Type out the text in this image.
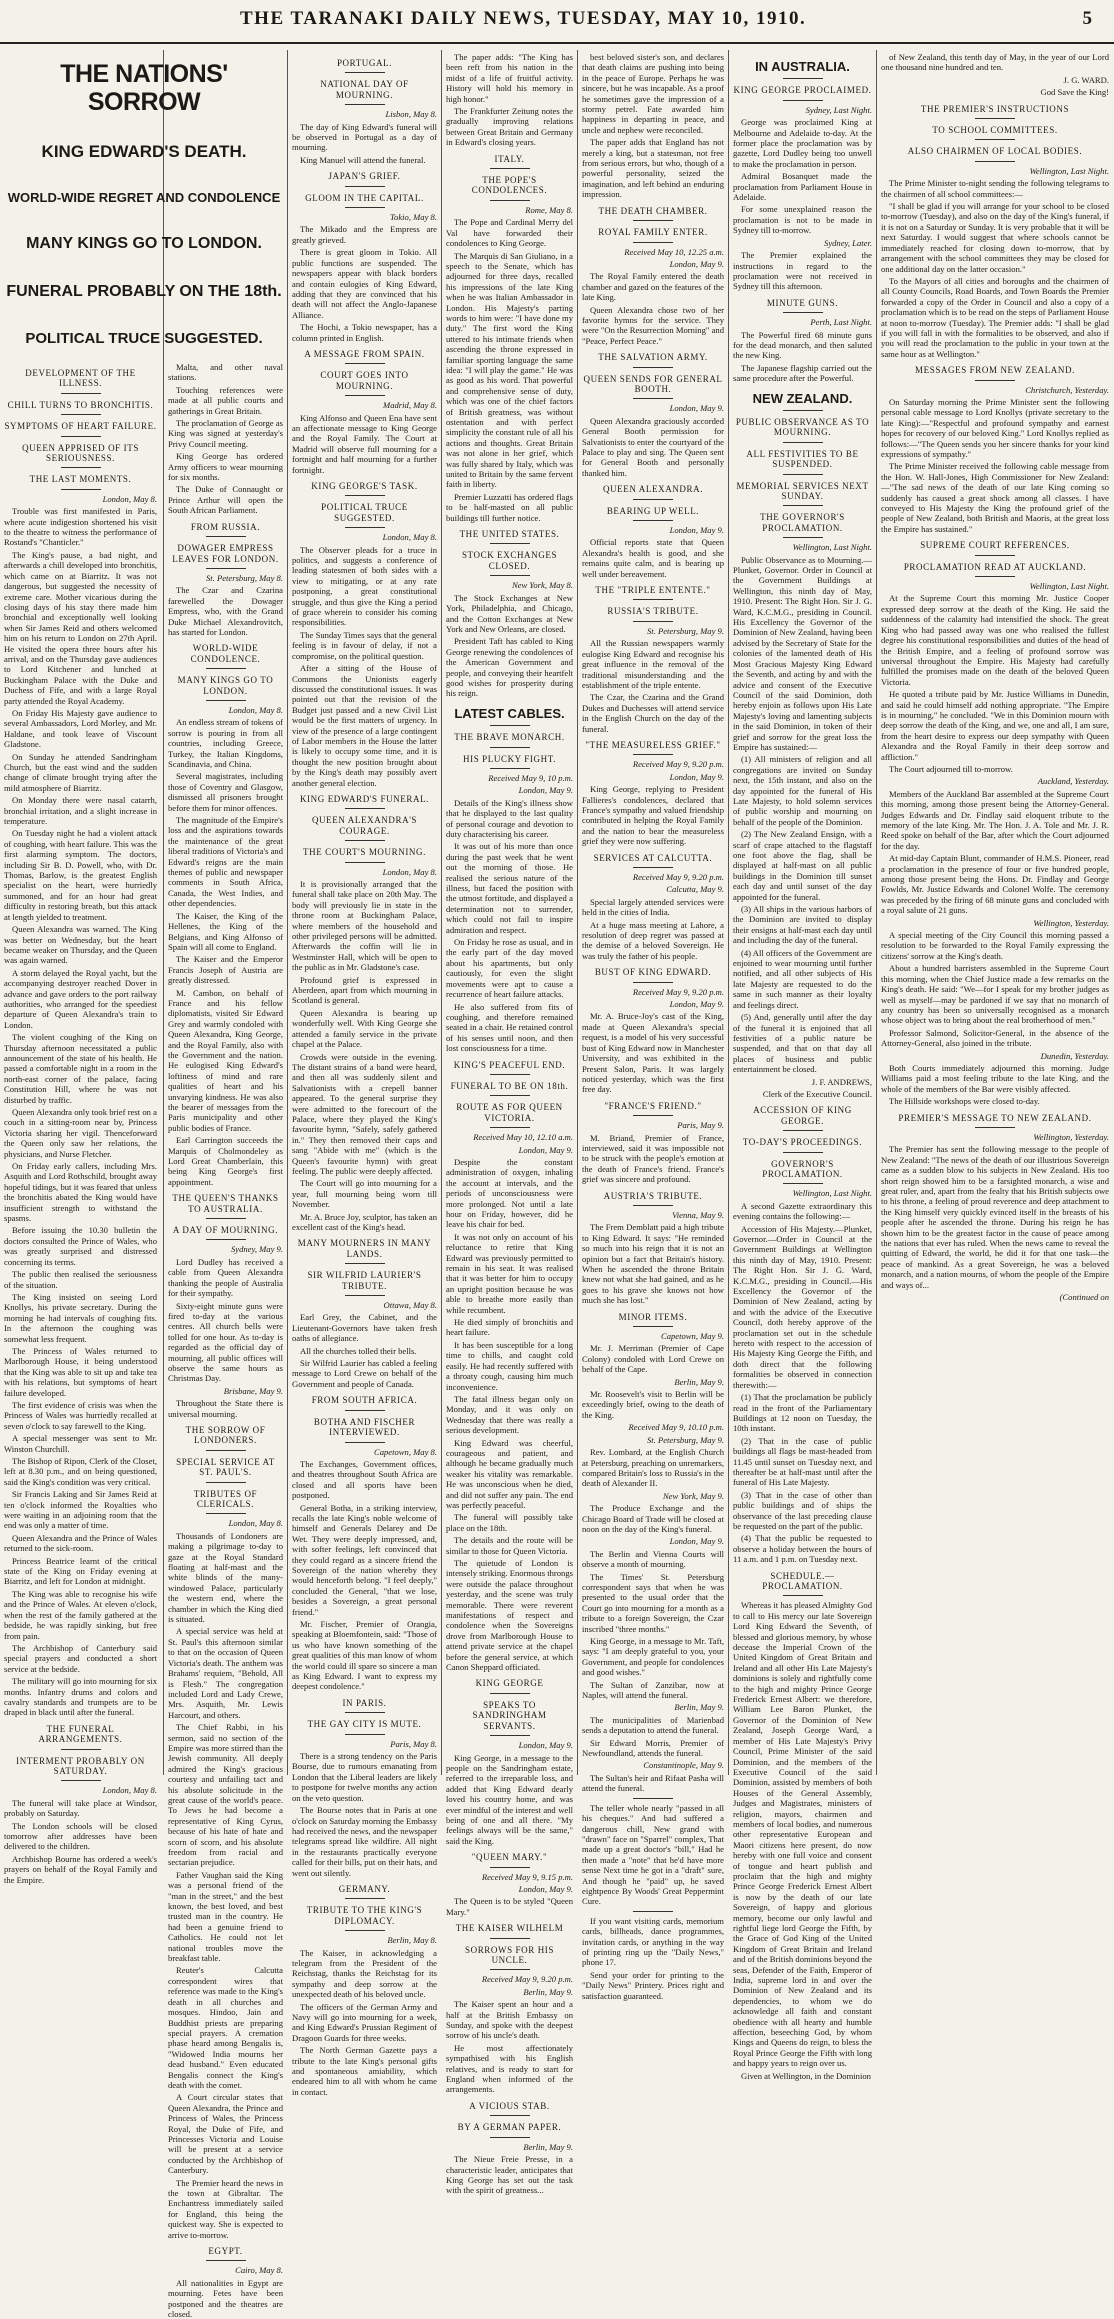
THE TARANAKI DAILY NEWS, TUESDAY, MAY 10, 1910.	5
THE NATIONS' SORROW
KING EDWARD'S DEATH.
WORLD-WIDE REGRET AND CONDOLENCE
MANY KINGS GO TO LONDON.
FUNERAL PROBABLY ON THE 18th.
POLITICAL TRUCE SUGGESTED.
DEVELOPMENT OF THE ILLNESS.
CHILL TURNS TO BRONCHITIS.
SYMPTOMS OF HEART FAILURE.
QUEEN APPRISED OF ITS SERIOUSNESS.
THE LAST MOMENTS.

London, May 8.

Trouble was first manifested in Paris, where acute indigestion shortened his visit to the theatre to witness the performance of Rostand's "Chanticler."

The King's pause, a bad night, and afterwards a chill developed into bronchitis, which came on at Biarritz. It was not dangerous, but suggested the necessity of extreme care. Mother vicarious during the closing days of his stay there made him bronchial and exceptionally well looking when Sir James Reid and others welcomed him on his return to London on 27th April. He visited the opera three hours after his arrival, and on the Thursday gave audiences to Lord Kitchener and lunched at Buckingham Palace with the Duke and Duchess of Fife, and with a large Royal party attended the Royal Academy.

On Friday His Majesty gave audience to several Ambassadors, Lord Morley, and Mr. Haldane, and took leave of Viscount Gladstone.

On Sunday he attended Sandringham Church, but the east wind and the sudden change of climate brought trying after the mild atmosphere of Biarritz.

On Monday there were nasal catarrh, bronchial irritation, and a slight increase in temperature.

On Tuesday night he had a violent attack of coughing, with heart failure. This was the first alarming symptom. The doctors, including Sir B. D. Powell, who, with Dr. Thomas, Barlow, is the greatest English specialist on the heart, were hurriedly summoned, and for an hour had great difficulty in restoring breath, but this attack at length yielded to treatment.

Queen Alexandra was warned. The King was better on Wednesday, but the heart became weaker on Thursday, and the Queen was again warned.

A storm delayed the Royal yacht, but the accompanying destroyer reached Dover in advance and gave orders to the port railway authorities, who arranged for the speediest departure of Queen Alexandra's train to London.

The violent coughing of the King on Thursday afternoon necessitated a public announcement of the state of his health. He passed a comfortable night in a room in the north-east corner of the palace, facing Constitution Hill, where he was not disturbed by traffic.

Queen Alexandra only took brief rest on a couch in a sitting-room near by, Princess Victoria sharing her vigil. Thenceforward the Queen only saw her relations, the physicians, and Nurse Fletcher.

On Friday early callers, including Mrs. Asquith and Lord Rothschild, brought away hopeful tidings, but it was feared that unless the bronchitis abated the King would have insufficient strength to withstand the spasms.

Before issuing the 10.30 bulletin the doctors consulted the Prince of Wales, who was greatly surprised and distressed concerning its terms.

The public then realised the seriousness of the situation.

The King insisted on seeing Lord Knollys, his private secretary. During the morning he had intervals of coughing fits. In the afternoon the coughing was somewhat less frequent.

The Princess of Wales returned to Marlborough House, it being understood that the King was able to sit up and take tea with his relations, but symptoms of heart failure developed.

The first evidence of crisis was when the Princess of Wales was hurriedly recalled at seven o'clock to say farewell to the King.

A special messenger was sent to Mr. Winston Churchill.

The Bishop of Ripon, Clerk of the Closet, left at 8.30 p.m., and on being questioned, said the King's condition was very critical.

Sir Francis Laking and Sir James Reid at ten o'clock informed the Royalties who were waiting in an adjoining room that the end was only a matter of time.

Queen Alexandra and the Prince of Wales returned to the sick-room.

Princess Beatrice learnt of the critical state of the King on Friday evening at Biarritz, and left for London at midnight.

The King was able to recognise his wife and the Prince of Wales. At eleven o'clock, when the rest of the family gathered at the bedside, he was rapidly sinking, but free from pain.

The Archbishop of Canterbury said special prayers and conducted a short service at the bedside.

The military will go into mourning for six months. Infantry drums and colors and cavalry standards and trumpets are to be draped in black until after the funeral.

THE FUNERAL ARRANGEMENTS.
INTERMENT PROBABLY ON SATURDAY.

London, May 8.

The funeral will take place at Windsor, probably on Saturday.

The London schools will be closed tomorrow after addresses have been delivered to the children.

Archbishop Bourne has ordered a week's prayers on behalf of the Royal Family and the Empire.

Malta, and other naval stations.

Touching references were made at all public courts and gatherings in Great Britain.

The proclamation of George as King was signed at yesterday's Privy Council meeting.

King George has ordered Army officers to wear mourning for six months.

The Duke of Connaught or Prince Arthur will open the South African Parliament.

FROM RUSSIA.
DOWAGER EMPRESS LEAVES FOR LONDON.

St. Petersburg, May 8.

The Czar and Czarina farewelled the Dowager Empress, who, with the Grand Duke Michael Alexandrovitch, has started for London.

WORLD-WIDE CONDOLENCE.
MANY KINGS GO TO LONDON.

London, May 8.

An endless stream of tokens of sorrow is pouring in from all countries, including Greece, Turkey, the Italian Kingdoms, Scandinavia, and China.

Several magistrates, including those of Coventry and Glasgow, dismissed all prisoners brought before them for minor offences.

The magnitude of the Empire's loss and the aspirations towards the maintenance of the great liberal traditions of Victoria's and Edward's reigns are the main themes of public and newspaper comments in South Africa, Canada, the West Indies, and other dependencies.

The Kaiser, the King of the Hellenes, the King of the Belgians, and King Alfonso of Spain will all come to England.

The Kaiser and the Emperor Francis Joseph of Austria are greatly distressed.

M. Cambon, on behalf of France and his fellow diplomatists, visited Sir Edward Grey and warmly condoled with Queen Alexandra, King George, and the Royal Family, also with the Government and the nation. He eulogised King Edward's loftiness of mind and rare qualities of heart and his unvarying kindness. He was also the bearer of messages from the Paris municipality and other public bodies of France.

Earl Carrington succeeds the Marquis of Cholmondeley as Lord Great Chamberlain, this being King George's first appointment.

THE QUEEN'S THANKS TO AUSTRALIA.
A DAY OF MOURNING.

Sydney, May 9.

Lord Dudley has received a cable from Queen Alexandra thanking the people of Australia for their sympathy.

Sixty-eight minute guns were fired to-day at the various centres. All church bells were tolled for one hour. As to-day is regarded as the official day of mourning, all public offices will observe the same hours as Christmas Day.

Brisbane, May 9.

Throughout the State there is universal mourning.

THE SORROW OF LONDONERS.
SPECIAL SERVICE AT ST. PAUL'S.
TRIBUTES OF CLERICALS.

London, May 8.

Thousands of Londoners are making a pilgrimage to-day to gaze at the Royal Standard floating at half-mast and the white blinds of the many-windowed Palace, particularly the western end, where the chamber in which the King died is situated.

A special service was held at St. Paul's this afternoon similar to that on the occasion of Queen Victoria's death. The anthem was Brahams' requiem, "Behold, All is Flesh." The congregation included Lord and Lady Crewe, Mrs. Asquith, Mr. Lewis Harcourt, and others.

The Chief Rabbi, in his sermon, said no section of the Empire was more stirred than the Jewish community. All deeply admired the King's gracious courtesy and unfailing tact and his absolute solicitude in the great cause of the world's peace. To Jews he had become a representative of King Cyrus, because of his hate of hate and scorn of scorn, and his absolute freedom from racial and sectarian prejudice.

Father Vaughan said the King was a personal friend of the "man in the street," and the best known, the best loved, and best trusted man in the country. He had been a genuine friend to Catholics. He could not let national troubles move the breakfast table.

Reuter's Calcutta correspondent wires that reference was made to the King's death in all churches and mosques. Hindoo, Jain and Buddhist priests are preparing special prayers. A cremation phase heard among Bengalis is, "Widowed India mourns her dead husband." Even educated Bengalis connect the King's death with the comet.

A Court circular states that Queen Alexandra, the Prince and Princess of Wales, the Princess Royal, the Duke of Fife, and Princesses Victoria and Louise will be present at a service conducted by the Archbishop of Canterbury.

The Premier heard the news in the town at Gibraltar. The Enchantress immediately sailed for England, this being the quickest way. She is expected to arrive to-morrow.

EGYPT.

Cairo, May 8.

All nationalities in Egypt are mourning. Fetes have been postponed and the theatres are closed.

PORTUGAL.
NATIONAL DAY OF MOURNING.

Lisbon, May 8.

The day of King Edward's funeral will be observed in Portugal as a day of mourning.

King Manuel will attend the funeral.

JAPAN'S GRIEF.
GLOOM IN THE CAPITAL.

Tokio, May 8.

The Mikado and the Empress are greatly grieved.

There is great gloom in Tokio. All public functions are suspended. The newspapers appear with black borders and contain eulogies of King Edward, adding that they are convinced that his death will not affect the Anglo-Japanese Alliance.

The Hochi, a Tokio newspaper, has a column printed in English.

A MESSAGE FROM SPAIN.
COURT GOES INTO MOURNING.

Madrid, May 8.

King Alfonso and Queen Ena have sent an affectionate message to King George and the Royal Family. The Court at Madrid will observe full mourning for a fortnight and half mourning for a further fortnight.

KING GEORGE'S TASK.
POLITICAL TRUCE SUGGESTED.

London, May 8.

The Observer pleads for a truce in politics, and suggests a conference of leading statesmen of both sides with a view to mitigating, or at any rate postponing, a great constitutional struggle, and thus give the King a period of grace wherein to consider his coming responsibilities.

The Sunday Times says that the general feeling is in favour of delay, if not a compromise, on the political question.

After a sitting of the House of Commons the Unionists eagerly discussed the constitutional issues. It was pointed out that the revision of the Budget just passed and a new Civil List would be the first matters of urgency. In view of the presence of a large contingent of Labor members in the House the latter is likely to occupy some time, and it is thought the new position brought about by the King's death may possibly avert another general election.

KING EDWARD'S FUNERAL.
QUEEN ALEXANDRA'S COURAGE.
THE COURT'S MOURNING.

London, May 8.

It is provisionally arranged that the funeral shall take place on 20th May. The body will previously lie in state in the throne room at Buckingham Palace, where members of the household and other privileged persons will be admitted. Afterwards the coffin will lie in Westminster Hall, which will be open to the public as in Mr. Gladstone's case.

Profound grief is expressed in Aberdeen, apart from which mourning in Scotland is general.

Queen Alexandra is bearing up wonderfully well. With King George she attended a family service in the private chapel at the Palace.

Crowds were outside in the evening. The distant strains of a band were heard, and then all was suddenly silent and Salvationists with a crepell banner appeared. To the general surprise they were admitted to the forecourt of the Palace, where they played the King's favourite hymn, "Safely, safely gathered in." They then removed their caps and sang "Abide with me" (which is the Queen's favourite hymn) with great feeling. The public were deeply affected.

The Court will go into mourning for a year, full mourning being worn till November.

Mr. A. Bruce Joy, sculptor, has taken an excellent cast of the King's head.

MANY MOURNERS IN MANY LANDS.
SIR WILFRID LAURIER'S TRIBUTE.

Ottawa, May 8.

Earl Grey, the Cabinet, and the Lieutenant-Governors have taken fresh oaths of allegiance.

All the churches tolled their bells.

Sir Wilfrid Laurier has cabled a feeling message to Lord Crewe on behalf of the Government and people of Canada.

FROM SOUTH AFRICA.
BOTHA AND FISCHER INTERVIEWED.

Capetown, May 8.

The Exchanges, Government offices, and theatres throughout South Africa are closed and all sports have been postponed.

General Botha, in a striking interview, recalls the late King's noble welcome of himself and Generals Delarey and De Wet. They were deeply impressed, and, with softer feelings, left convinced that they could regard as a sincere friend the Sovereign of the nation whereby they would henceforth belong. "I feel deeply," concluded the General, "that we lose, besides a Sovereign, a great personal friend."

Mr. Fischer, Premier of Orangia, speaking at Bloemfontein, said: "Those of us who have known something of the great qualities of this man know of whom the world could ill spare so sincere a man as King Edward. I want to express my deepest condolence."

IN PARIS.
THE GAY CITY IS MUTE.

Paris, May 8.

There is a strong tendency on the Paris Bourse, due to rumours emanating from London that the Liberal leaders are likely to postpone for twelve months any action on the veto question.

The Bourse notes that in Paris at one o'clock on Saturday morning the Embassy had received the news, and the newspaper telegrams spread like wildfire. All night in the restaurants practically everyone called for their bills, put on their hats, and went out silently.

GERMANY.
TRIBUTE TO THE KING'S DIPLOMACY.

Berlin, May 8.

The Kaiser, in acknowledging a telegram from the President of the Reichstag, thanks the Reichstag for its sympathy and deep sorrow at the unexpected death of his beloved uncle.

The officers of the German Army and Navy will go into mourning for a week, and King Edward's Prussian Regiment of Dragoon Guards for three weeks.

The North German Gazette pays a tribute to the late King's personal gifts and spontaneous amiability, which endeared him to all with whom he came in contact.

The paper adds: "The King has been reft from his nation in the midst of a life of fruitful activity. History will hold his memory in high honor."

The Frankfurter Zeitung notes the gradually improving relations between Great Britain and Germany in Edward's closing years.

ITALY.
THE POPE'S CONDOLENCES.

Rome, May 8.

The Pope and Cardinal Merry del Val have forwarded their condolences to King George.

The Marquis di San Giuliano, in a speech to the Senate, which has adjourned for three days, recalled his impressions of the late King when he was Italian Ambassador in London. His Majesty's parting words to him were: "I have done my duty." The first word the King uttered to his intimate friends when ascending the throne expressed in familiar sporting language the same idea: "I will play the game." He was as good as his word. That powerful and comprehensive sense of duty, which was one of the chief factors of British greatness, was without ostentation and with perfect simplicity the constant rule of all his actions and thoughts. Great Britain was not alone in her grief, which was fully shared by Italy, which was united to Britain by the same fervent faith in liberty.

Premier Luzzatti has ordered flags to be half-masted on all public buildings till further notice.

THE UNITED STATES.
STOCK EXCHANGES CLOSED.

New York, May 8.

The Stock Exchanges at New York, Philadelphia, and Chicago, and the Cotton Exchanges at New York and New Orleans, are closed.

President Taft has cabled to King George renewing the condolences of the American Government and people, and conveying their heartfelt good wishes for prosperity during his reign.

LATEST CABLES.
THE BRAVE MONARCH.
HIS PLUCKY FIGHT.

Received May 9, 10 p.m.

London, May 9.

Details of the King's illness show that he displayed to the last quality of personal courage and devotion to duty characterising his career.

It was out of his more than once during the past week that he went out the morning of those. He realised the serious nature of the illness, but faced the position with the utmost fortitude, and displayed a determination not to surrender, which could not fail to inspire admiration and respect.

On Friday he rose as usual, and in the early part of the day moved about his apartments, but only cautiously, for even the slight movements were apt to cause a recurrence of heart failure attacks.

He also suffered from fits of coughing, and therefore remained seated in a chair. He retained control of his senses until noon, and then lost consciousness for a time.

KING'S PEACEFUL END.
FUNERAL TO BE ON 18th.
ROUTE AS FOR QUEEN VICTORIA.

Received May 10, 12.10 a.m.

London, May 9.

Despite the constant administration of oxygen, inhaling the account at intervals, and the periods of unconsciousness were more prolonged. Not until a late hour on Friday, however, did he leave his chair for bed.

It was not only on account of his reluctance to retire that King Edward was previously permitted to remain in his seat. It was realised that it was better for him to occupy an upright position because he was able to breathe more easily than while recumbent.

He died simply of bronchitis and heart failure.

It has been susceptible for a long time to chills, and caught cold easily. He had recently suffered with a throaty cough, causing him much inconvenience.

The fatal illness began only on Monday, and it was only on Wednesday that there was really a serious development.

King Edward was cheerful, courageous and patient, and although he became gradually much weaker his vitality was remarkable. He was unconscious when he died, and did not suffer any pain. The end was perfectly peaceful.

The funeral will possibly take place on the 18th.

The details and the route will be similar to those for Queen Victoria.

The quietude of London is intensely striking. Enormous throngs were outside the palace throughout yesterday, and the scene was truly memorable. There were reverent manifestations of respect and condolence when the Sovereigns drove from Marlborough House to attend private service at the chapel before the general service, at which Canon Sheppard officiated.

KING GEORGE
SPEAKS TO SANDRINGHAM SERVANTS.

London, May 9.

King George, in a message to the people on the Sandringham estate, referred to the irreparable loss, and added that King Edward dearly loved his country home, and was ever mindful of the interest and well being of one and all there. "My feelings always will be the same," said the King.

"QUEEN MARY."

Received May 9, 9.15 p.m.

London, May 9.

The Queen is to be styled "Queen Mary."

THE KAISER WILHELM
SORROWS FOR HIS UNCLE.

Received May 9, 9.20 p.m.

Berlin, May 9.

The Kaiser spent an hour and a half at the British Embassy on Sunday, and spoke with the deepest sorrow of his uncle's death.

He most affectionately sympathised with his English relatives, and is ready to start for England when informed of the arrangements.

A VICIOUS STAB.
BY A GERMAN PAPER.

Berlin, May 9.

The Nieue Freie Presse, in a characteristic leader, anticipates that King George has set out the task with the spirit of greatness...

best beloved sister's son, and declares that death claims are pushing into being in the peace of Europe. Perhaps he was sincere, but he was incapable. As a proof he sometimes gave the impression of a stormy petrel. Fate awarded him happiness in departing in peace, and uncle and nephew were reconciled.

The paper adds that England has not merely a king, but a statesman, not free from serious errors, but who, though of a powerful personality, seized the imagination, and left behind an enduring impression.

THE DEATH CHAMBER.
ROYAL FAMILY ENTER.

Received May 10, 12.25 a.m.

London, May 9.

The Royal Family entered the death chamber and gazed on the features of the late King.

Queen Alexandra chose two of her favorite hymns for the service. They were "On the Resurrection Morning" and "Peace, Perfect Peace."

THE SALVATION ARMY.
QUEEN SENDS FOR GENERAL BOOTH.

London, May 9.

Queen Alexandra graciously accorded General Booth permission for Salvationists to enter the courtyard of the Palace to play and sing. The Queen sent for General Booth and personally thanked him.

QUEEN ALEXANDRA.
BEARING UP WELL.

London, May 9.

Official reports state that Queen Alexandra's health is good, and she remains quite calm, and is bearing up well under bereavement.

THE "TRIPLE ENTENTE."
RUSSIA'S TRIBUTE.

St. Petersburg, May 9.

All the Russian newspapers warmly eulogise King Edward and recognise his great influence in the removal of the traditional misunderstanding and the establishment of the triple entente.

The Czar, the Czarina and the Grand Dukes and Duchesses will attend service in the English Church on the day of the funeral.

"THE MEASURELESS GRIEF."

Received May 9, 9.20 p.m.

London, May 9.

King George, replying to President Fallieres's condolences, declared that France's sympathy and valued friendship contributed in helping the Royal Family and the nation to bear the measureless grief they were now suffering.

SERVICES AT CALCUTTA.

Received May 9, 9.20 p.m.

Calcutta, May 9.

Special largely attended services were held in the cities of India.

At a huge mass meeting at Lahore, a resolution of deep regret was passed at the demise of a beloved Sovereign. He was truly the father of his people.

BUST OF KING EDWARD.

Received May 9, 9.20 p.m.

London, May 9.

Mr. A. Bruce-Joy's cast of the King, made at Queen Alexandra's special request, is a model of his very successful bust of King Edward now in Manchester University, and was exhibited in the Present Salon, Paris. It was largely noticed yesterday, which was the first free day.

"FRANCE'S FRIEND."

Paris, May 9.

M. Briand, Premier of France, interviewed, said it was impossible not to be struck with the people's emotion at the death of France's friend. France's grief was sincere and profound.

AUSTRIA'S TRIBUTE.

Vienna, May 9.

The Frem Demblatt paid a high tribute to King Edward. It says: "He reminded so much into his reign that it is not an opinion but a fact that Britain's history. When he ascended the throne Britain knew not what she had gained, and as he goes to his grave she knows not how much she has lost."

MINOR ITEMS.

Capetown, May 9.

Mr. J. Merriman (Premier of Cape Colony) condoled with Lord Crewe on behalf of the Cape.

Berlin, May 9.

Mr. Roosevelt's visit to Berlin will be exceedingly brief, owing to the death of the King.

Received May 9, 10.10 p.m.

St. Petersburg, May 9.

Rev. Lombard, at the English Church at Petersburg, preaching on unremarkers, compared Britain's loss to Russia's in the death of Alexander II.

New York, May 9.

The Produce Exchange and the Chicago Board of Trade will be closed at noon on the day of the King's funeral.

London, May 9.

The Berlin and Vienna Courts will observe a month of mourning.

The Times' St. Petersburg correspondent says that when he was presented to the usual order that the Court go into mourning for a month as a tribute to a foreign Sovereign, the Czar inscribed "three months."

King George, in a message to Mr. Taft, says: "I am deeply grateful to you, your Government, and people for condolences and good wishes."

The Sultan of Zanzibar, now at Naples, will attend the funeral.

Berlin, May 9.

The municipalities of Marienbad sends a deputation to attend the funeral.

Sir Edward Morris, Premier of Newfoundland, attends the funeral.

Constantinople, May 9.

The Sultan's heir and Rifaat Pasha will attend the funeral.

The teller whole nearly "passed in all his cheques." And had suffered a dangerous chill, New grand with "drawn" face on "Sparrel" complex, That made up a great doctor's "bill," Had he then made a "note" that he'd have more sense Next time he got in a "draft" sure, And though he "paid" up, he saved eightpence By Woods' Great Peppermint Cure.

If you want visiting cards, memorium cards, billheads, dance programmes, invitation cards, or anything in the way of printing ring up the "Daily News," phone 17.

Send your order for printing to the "Daily News" Printery. Prices right and satisfaction guaranteed.

IN AUSTRALIA.
KING GEORGE PROCLAIMED.

Sydney, Last Night.

George was proclaimed King at Melbourne and Adelaide to-day. At the former place the proclamation was by gazette, Lord Dudley being too unwell to make the proclamation in person.

Admiral Bosanquet made the proclamation from Parliament House in Adelaide.

For some unexplained reason the proclamation is not to be made in Sydney till to-morrow.

Sydney, Later.

The Premier explained the instructions in regard to the proclamation were not received in Sydney till this afternoon.

MINUTE GUNS.

Perth, Last Night.

The Powerful fired 68 minute guns for the dead monarch, and then saluted the new King.

The Japanese flagship carried out the same procedure after the Powerful.

NEW ZEALAND.
PUBLIC OBSERVANCE AS TO MOURNING.
ALL FESTIVITIES TO BE SUSPENDED.
MEMORIAL SERVICES NEXT SUNDAY.
THE GOVERNOR'S PROCLAMATION.

Wellington, Last Night.

Public Observance as to Mourning.—Plunket, Governor. Order in Council at the Government Buildings at Wellington, this ninth day of May, 1910. Present: The Right Hon. Sir J. G. Ward, K.C.M.G., presiding in Council. His Excellency the Governor of the Dominion of New Zealand, having been advised by the Secretary of State for the colonies of the lamented death of His Most Gracious Majesty King Edward the Seventh, and acting by and with the advice and consent of the Executive Council of the said Dominion, doth hereby enjoin as follows upon His Late Majesty's loving and lamenting subjects in the said Dominion, in token of their grief and sorrow for the great loss the Empire has sustained:—

(1) All ministers of religion and all congregations are invited on Sunday next, the 15th instant, and also on the day appointed for the funeral of His Late Majesty, to hold solemn services of public worship and mourning on behalf of the people of the Dominion.

(2) The New Zealand Ensign, with a scarf of crape attached to the flagstaff one foot above the flag, shall be displayed at half-mast on all public buildings in the Dominion till sunset each day and until sunset of the day appointed for the funeral.

(3) All ships in the various harbors of the Dominion are invited to display their ensigns at half-mast each day until and including the day of the funeral.

(4) All officers of the Government are enjoined to wear mourning until further notified, and all other subjects of His late Majesty are requested to do the same in such manner as their loyalty and feelings direct.

(5) And, generally until after the day of the funeral it is enjoined that all festivities of a public nature be suspended, and that on that day all places of business and public entertainment be closed.

J. F. ANDREWS,

Clerk of the Executive Council.

ACCESSION OF KING GEORGE.
TO-DAY'S PROCEEDINGS.
GOVERNOR'S PROCLAMATION.

Wellington, Last Night.

A second Gazette extraordinary this evening contains the following:—

Accession of His Majesty.—Plunket, Governor.—Order in Council at the Government Buildings at Wellington this ninth day of May, 1910. Present: The Right Hon. Sir J. G. Ward, K.C.M.G., presiding in Council.—His Excellency the Governor of the Dominion of New Zealand, acting by and with the advice of the Executive Council, doth hereby approve of the proclamation set out in the schedule hereto with respect to the accession of His Majesty King George the Fifth, and doth direct that the following formalities be observed in connection therewith:—

(1) That the proclamation be publicly read in the front of the Parliamentary Buildings at 12 noon on Tuesday, the 10th instant.

(2) That in the case of public buildings all flags be mast-headed from 11.45 until sunset on Tuesday next, and thereafter be at half-mast until after the funeral of His Late Majesty.

(3) That in the case of other than public buildings and of ships the observance of the last preceding clause be requested on the part of the public.

(4) That the public be requested to observe a holiday between the hours of 11 a.m. and 1 p.m. on Tuesday next.

SCHEDULE.—PROCLAMATION.

Whereas it has pleased Almighty God to call to His mercy our late Sovereign Lord King Edward the Seventh, of blessed and glorious memory, by whose decease the Imperial Crown of the United Kingdom of Great Britain and Ireland and all other His Late Majesty's dominions is solely and rightfully come to the high and mighty Prince George Frederick Ernest Albert: we therefore, William Lee Baron Plunket, the Governor of the Dominion of New Zealand, Joseph George Ward, a member of His Late Majesty's Privy Council, Prime Minister of the said Dominion, and the members of the Executive Council of the said Dominion, assisted by members of both Houses of the General Assembly, Judges and Magistrates, ministers of religion, mayors, chairmen and members of local bodies, and numerous other representative European and Maori citizens here present, do now hereby with one full voice and consent of tongue and heart publish and proclaim that the high and mighty Prince George Frederick Ernest Albert is now by the death of our late Sovereign, of happy and glorious memory, become our only lawful and rightful liege lord George the Fifth, by the Grace of God King of the United Kingdom of Great Britain and Ireland and of the British dominions beyond the seas, Defender of the Faith, Emperor of India, supreme lord in and over the Dominion of New Zealand and its dependencies, to whom we do acknowledge all faith and constant obedience with all hearty and humble affection, beseeching God, by whom Kings and Queens do reign, to bless the Royal Prince George the Fifth with long and happy years to reign over us.

Given at Wellington, in the Dominion

of New Zealand, this tenth day of May, in the year of our Lord one thousand nine hundred and ten.

J. G. WARD.

God Save the King!

THE PREMIER'S INSTRUCTIONS
TO SCHOOL COMMITTEES.
ALSO CHAIRMEN OF LOCAL BODIES.

Wellington, Last Night.

The Prime Minister to-night sending the following telegrams to the chairmen of all school committees:—

"I shall be glad if you will arrange for your school to be closed to-morrow (Tuesday), and also on the day of the King's funeral, if it is not on a Saturday or Sunday. It is very probable that it will be next Saturday. I would suggest that where schools cannot be immediately reached for closing down to-morrow, that by arrangement with the school committees they may be closed for one additional day on the latter occasion."

To the Mayors of all cities and boroughs and the chairmen of all County Councils, Road Boards, and Town Boards the Premier forwarded a copy of the Order in Council and also a copy of a proclamation which is to be read on the steps of Parliament House at noon to-morrow (Tuesday). The Premier adds: "I shall be glad if you will fall in with the formalities to be observed, and also if you will read the proclamation to the public in your town at the same hour as at Wellington."

MESSAGES FROM NEW ZEALAND.

Christchurch, Yesterday.

On Saturday morning the Prime Minister sent the following personal cable message to Lord Knollys (private secretary to the late King):—"Respectful and profound sympathy and earnest hopes for recovery of our beloved King." Lord Knollys replied as follows:—"The Queen sends you her sincere thanks for your kind expressions of sympathy."

The Prime Minister received the following cable message from the Hon. W. Hall-Jones, High Commissioner for New Zealand:—"The sad news of the death of our late King coming so suddenly has caused a great shock among all classes. I have conveyed to His Majesty the King the profound grief of the people of New Zealand, both British and Maoris, at the great loss the Empire has sustained."

SUPREME COURT REFERENCES.
PROCLAMATION READ AT AUCKLAND.

Wellington, Last Night.

At the Supreme Court this morning Mr. Justice Cooper expressed deep sorrow at the death of the King. He said the suddenness of the calamity had intensified the shock. The great King who had passed away was one who realised the fullest degree his constitutional responsibilities and duties of the head of the British Empire, and a feeling of profound sorrow was universal throughout the Empire. His Majesty had carefully fulfilled the promises made on the death of the beloved Queen Victoria.

He quoted a tribute paid by Mr. Justice Williams in Dunedin, and said he could himself add nothing appropriate. "The Empire is in mourning," he concluded. "We in this Dominion mourn with deep sorrow the death of the King, and we, one and all, I am sure, from the heart desire to express our deep sympathy with Queen Alexandra and the Royal Family in their deep sorrow and affliction."

The Court adjourned till to-morrow.

Auckland, Yesterday.

Members of the Auckland Bar assembled at the Supreme Court this morning, among those present being the Attorney-General. Judges Edwards and Dr. Findlay said eloquent tribute to the memory of the late King. Mr. The Hon. J. A. Tole and Mr. J. R. Reed spoke on behalf of the Bar, after which the Court adjourned for the day.

At mid-day Captain Blunt, commander of H.M.S. Pioneer, read a proclamation in the presence of four or five hundred people, among those present being the Hons. Dr. Findlay and George Fowlds, Mr. Justice Edwards and Colonel Wolfe. The ceremony was preceded by the firing of 68 minute guns and concluded with a royal salute of 21 guns.

Wellington, Yesterday.

A special meeting of the City Council this morning passed a resolution to be forwarded to the Royal Family expressing the citizens' sorrow at the King's death.

About a hundred barristers assembled in the Supreme Court this morning, when the Chief Justice made a few remarks on the King's death. He said: "We—for I speak for my brother judges as well as myself—may be pardoned if we say that no monarch of any country has been so universally recognised as a monarch whose object was to bring about the real brotherhood of men."

Professor Salmond, Solicitor-General, in the absence of the Attorney-General, also joined in the tribute.

Dunedin, Yesterday.

Both Courts immediately adjourned this morning. Judge Williams paid a most feeling tribute to the late King, and the whole of the members of the Bar were visibly affected.

The Hillside workshops were closed to-day.

PREMIER'S MESSAGE TO NEW ZEALAND.

Wellington, Yesterday.

The Premier has sent the following message to the people of New Zealand: "The news of the death of our illustrious Sovereign came as a sudden blow to his subjects in New Zealand. His too short reign showed him to be a farsighted monarch, a wise and great ruler, and, apart from the fealty that his British subjects owe to his throne, a feeling of proud reverence and deep attachment to the King himself very quickly evinced itself in the breasts of his people after he ascended the throne. During his reign he has shown him to be the greatest factor in the cause of peace among the nations that ever has ruled. When the news came to reveal the quitting of Edward, the world, he did it for that one task—the peace of mankind. As a great Sovereign, he was a beloved monarch, and a nation mourns, of whom the people of the Empire and ways of...

(Continued on
